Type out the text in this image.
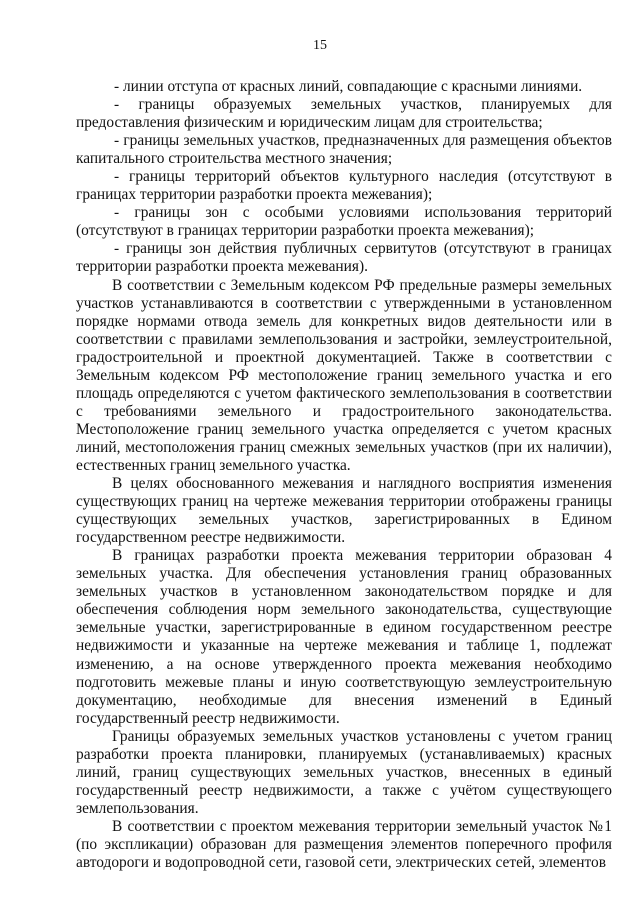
15

- линии отступа от красных линий, совпадающие с красными линиями.

- границы образуемых земельных участков, планируемых для предоставления физическим и юридическим лицам для строительства;

- границы земельных участков, предназначенных для размещения объектов капитального строительства местного значения;

- границы территорий объектов культурного наследия (отсутствуют в границах территории разработки проекта межевания);

- границы зон с особыми условиями использования территорий (отсутствуют в границах территории разработки проекта межевания);

- границы зон действия публичных сервитутов (отсутствуют в границах территории разработки проекта межевания).

В соответствии с Земельным кодексом РФ предельные размеры земельных участков устанавливаются в соответствии с утвержденными в установленном порядке нормами отвода земель для конкретных видов деятельности или в соответствии с правилами землепользования и застройки, землеустроительной, градостроительной и проектной документацией. Также в соответствии с Земельным кодексом РФ местоположение границ земельного участка и его площадь определяются с учетом фактического землепользования в соответствии с требованиями земельного и градостроительного законодательства. Местоположение границ земельного участка определяется с учетом красных линий, местоположения границ смежных земельных участков (при их наличии), естественных границ земельного участка.

В целях обоснованного межевания и наглядного восприятия изменения существующих границ на чертеже межевания территории отображены границы существующих земельных участков, зарегистрированных в Едином государственном реестре недвижимости.

В границах разработки проекта межевания территории образован 4 земельных участка. Для обеспечения установления границ образованных земельных участков в установленном законодательством порядке и для обеспечения соблюдения норм земельного законодательства, существующие земельные участки, зарегистрированные в едином государственном реестре недвижимости и указанные на чертеже межевания и таблице 1, подлежат изменению, а на основе утвержденного проекта межевания необходимо подготовить межевые планы и иную соответствующую землеустроительную документацию, необходимые для внесения изменений в Единый государственный реестр недвижимости.

Границы образуемых земельных участков установлены с учетом границ разработки проекта планировки, планируемых (устанавливаемых) красных линий, границ существующих земельных участков, внесенных в единый государственный реестр недвижимости, а также с учётом существующего землепользования.

В соответствии с проектом межевания территории земельный участок №1 (по экспликации) образован для размещения элементов поперечного профиля автодороги и водопроводной сети, газовой сети, электрических сетей, элементов
